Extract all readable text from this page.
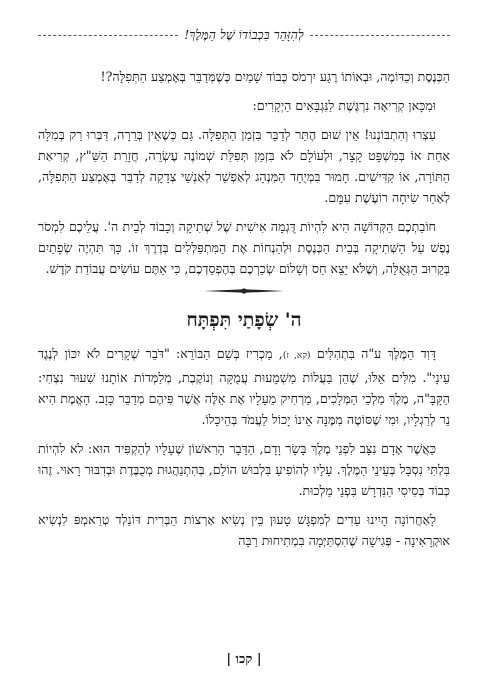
לְהִזָּהֵר בִּכְבוֹדוֹ שֶׁל הַמֶּלֶךְ!

הַכְּנֶסֶת וְכַדּוֹמֶה, וּבְאוֹתוֹ רֶגַע יִרְמֹס כְּבוֹד שָׁמַיִם כְּשֶׁמְּדַבֵּר בְּאֶמְצַע הַתְּפִלָּה?!

וּמִכָּאן קְרִיאָה נִרְגֶּשֶׁת לַנִּגְבָּאִים הַיְקָרִים:

עִצְרוּ וְהִתְבּוֹנְנוּ! אֵין שׁוּם הֶתֵּר לְדַבֵּר בִּזְמַן הַתְּפִלָּה. גַּם כְּשֶׁאֵין בְּרֵרָה, דַּבְּרוּ רַק בְּמִלָּה אַחַת אוֹ בְּמִשְׁפָּט קָצָר, וּלְעוֹלָם לֹא בִּזְמַן תְּפִלַּת שְׁמוֹנֶה עֶשְׂרֵה, חֲזָרַת הַשַּׁ"ץ, קְרִיאַת הַתּוֹרָה, אוֹ קַדִּישִׁים. חָמוּר בִּמְיֻחָד הַמִּנְהָג לְאַפְשֵׁר לְאַנְשֵׁי צְדָקָה לְדַבֵּר בְּאֶמְצַע הַתְּפִלָּה, לְאַחַר שִׂיחָה רוֹעֶשֶׁת עִמָּם.

חוֹבַתְכֶם הַקְּדוֹשָׁה הִיא לִהְיוֹת דֻּגְמָה אִישִׁית שֶׁל שְׁתִיקָה וְכָבוֹד לְבֵית ה'. עֲלֵיכֶם לִמְסֹר נֶפֶשׁ עַל הַשְּׁתִיקָה בְּבֵית הַכְּנֶסֶת וּלְהַנְחוֹת אֶת הַמִּתְפַּלְּלִים בְּדֶרֶךְ זוֹ. כָּךְ תִּהְיֶה שְׂפָתַיִם בְּקֵרוּב הַגְּאֻלָּה, וְשֶׁלֹּא יֵצֵא חַס וְשָׁלוֹם שְׂכַרְכֶם בְּהֶפְסֵדְכֶם, כִּי אַתֶּם עוֹשִׂים עֲבוֹדַת קֹדֶשׁ.

ה' שְׂפָתַי תִּפְתָּח

דָּוִד הַמֶּלֶךְ ע"ה בִּתְהִלִּים (קא, ז), מַכְרִיז בְּשֵׁם הַבּוֹרֵא: "דֹּבֵר שְׁקָרִים לֹא יִכּוֹן לְנֶגֶד עֵינָי". מִלִּים אֵלּוּ, שֶׁהֵן בַּעֲלוֹת מַשְׁמָעוּת עֲמֻקָּה וְנוֹקֶבֶת, מְלַמְּדוֹת אוֹתָנוּ שִׁעוּר נִצְחִי: הַקָּבָּ"ה, מֶלֶךְ מַלְכֵי הַמְּלָכִים, מַרְחִיק מֵעָלָיו אֶת אֵלֶּה אֲשֶׁר פִּיהֶם מְדַבֵּר כָּזָב. הָאֱמֶת הִיא נֵר לְרַגְלָיו, וּמִי שֶׁסּוֹטֶה מִמֶּנָּה אֵינוֹ יָכוֹל לַעֲמֹד בְּהֵיכָלוֹ.

כַּאֲשֶׁר אָדָם נִצָּב לִפְנֵי מֶלֶךְ בָּשָׂר וָדָם, הַדָּבָר הָרִאשׁוֹן שֶׁעָלָיו לְהַקְפִּיד הוּא: לֹא לִהְיוֹת בִּלְתִּי נִסְבָּל בְּעֵינֵי הַמֶּלֶךְ. עָלָיו לְהוֹפִיעַ בִּלְבוּשׁ הוֹלֵם, בְּהִתְנַהֲגוּת מְכֻבֶּדֶת וּבְדִבּוּר רָאוּי. זֶהוּ כְּבוֹד בְּסִיסִי הַנִּדְרָשׁ בִּפְנֵי מַלְכוּת.

לָאַחֲרוֹנָה הָיִינוּ עֵדִים לְמִפְגָּשׁ טָעוּן בֵּין נְשִׂיא אַרְצוֹת הַבְּרִית דּוֹנַלְד טְרַאמְפּ לִנְשִׂיא אוּקְרָאִינָה - פְּגִישָׁה שֶׁהִסְתַּיְּמָה בִּמְתִיחוּת רַבָּה

| קכו |
